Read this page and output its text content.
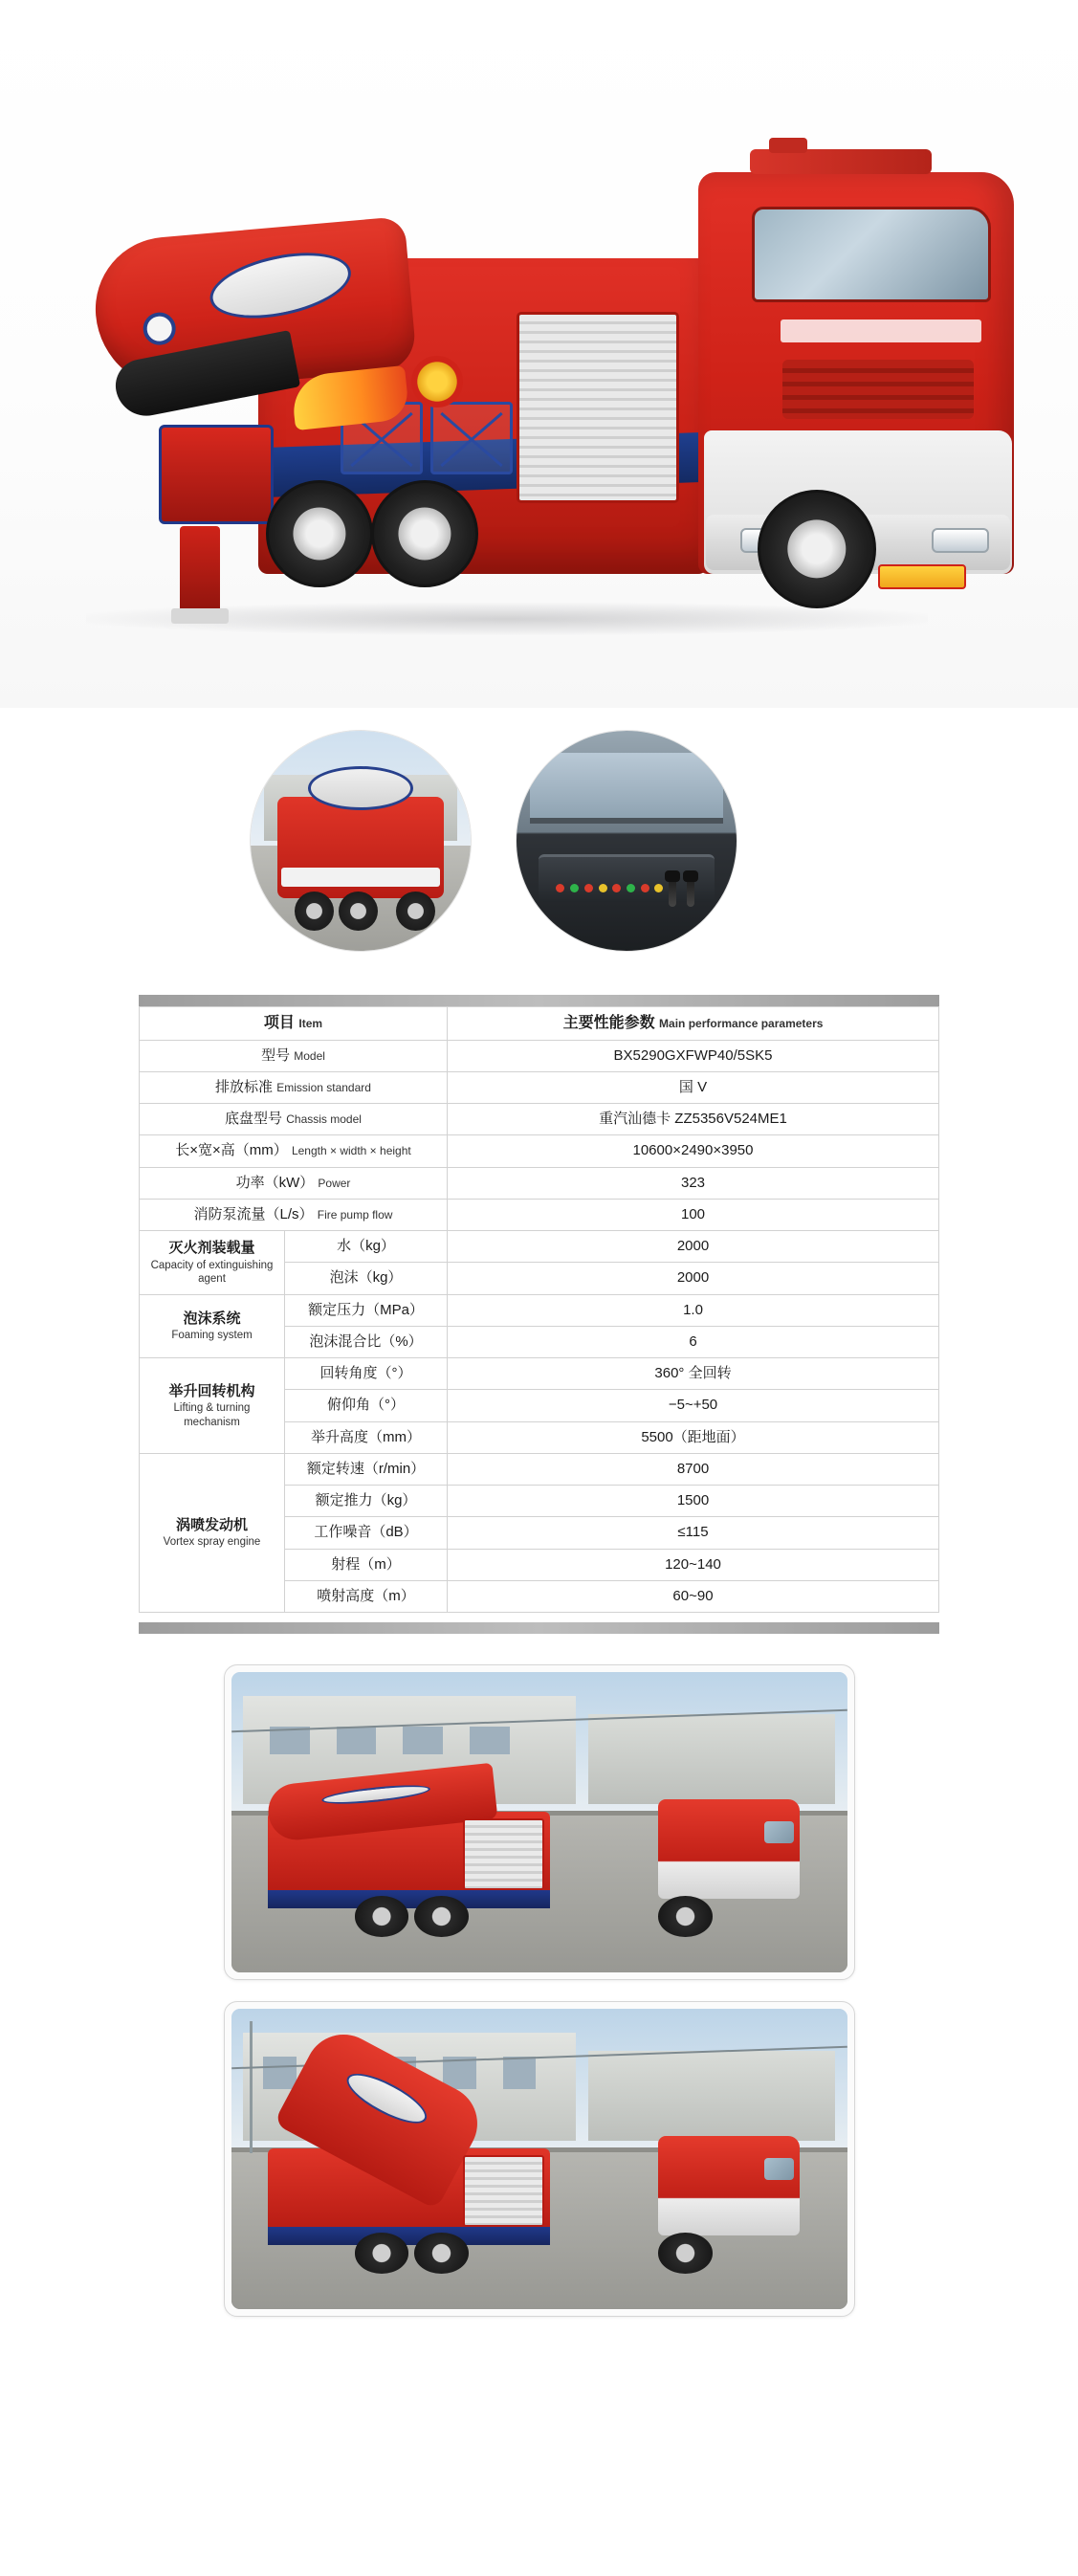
项目 Item		主要性能参数 Main performance parameters
型号 Model		BX5290GXFWP40/5SK5
排放标准 Emission standard		国 V
底盘型号 Chassis model		重汽汕德卡 ZZ5356V524ME1
长×宽×高（mm） Length × width × height		10600×2490×3950
功率（kW） Power		323
消防泵流量（L/s） Fire pump flow		100
灭火剂装载量
Capacity of extinguishing agent	水（kg）	2000
	泡沫（kg）	2000
泡沫系统
Foaming system	额定压力（MPa）	1.0
	泡沫混合比（%）	6
举升回转机构
Lifting & turning mechanism	回转角度（°）	360° 全回转
	俯仰角（°）	−5~+50
	举升高度（mm）	5500（距地面）
涡喷发动机
Vortex spray engine	额定转速（r/min）	8700
	额定推力（kg）	1500
	工作噪音（dB）	≤115
	射程（m）	120~140
	喷射高度（m）	60~90
